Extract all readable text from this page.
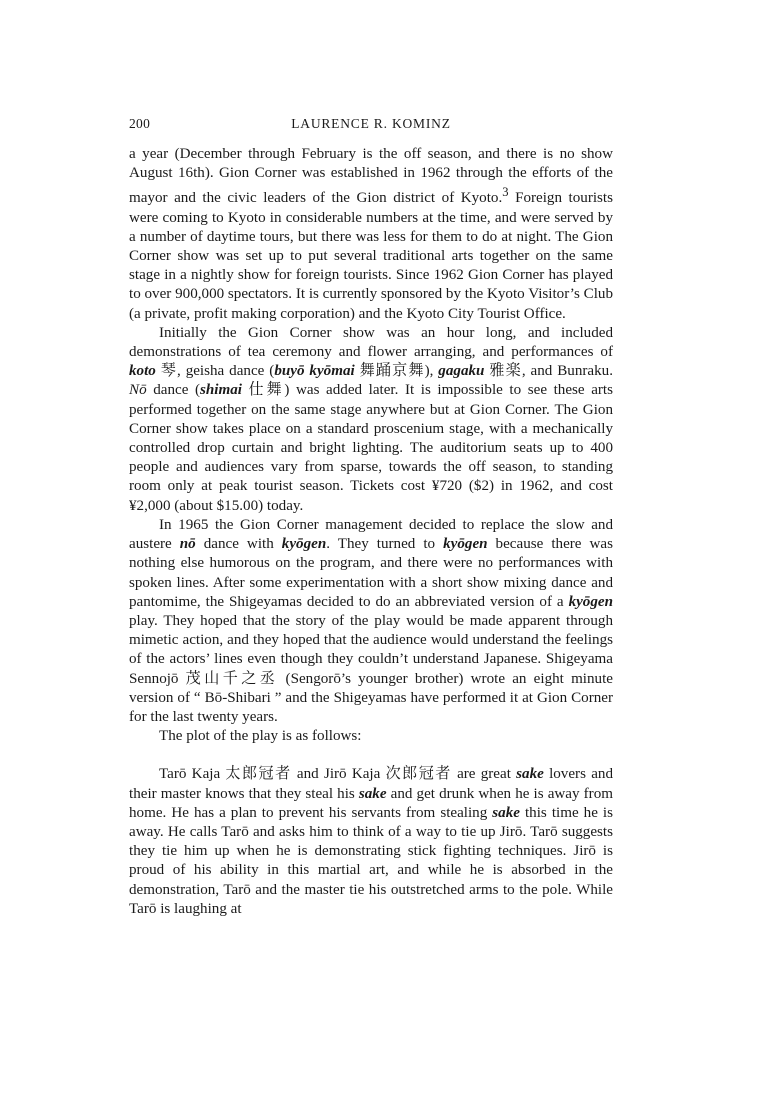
200	LAURENCE R. KOMINZ

a year (December through February is the off season, and there is no show August 16th). Gion Corner was established in 1962 through the efforts of the mayor and the civic leaders of the Gion district of Kyoto.$^3$ Foreign tourists were coming to Kyoto in considerable numbers at the time, and were served by a number of daytime tours, but there was less for them to do at night. The Gion Corner show was set up to put several traditional arts together on the same stage in a nightly show for foreign tourists. Since 1962 Gion Corner has played to over 900,000 spectators. It is currently sponsored by the Kyoto Visitor’s Club (a private, profit making corporation) and the Kyoto City Tourist Office.

Initially the Gion Corner show was an hour long, and included demonstrations of tea ceremony and flower arranging, and performances of koto 琴, geisha dance (buyō kyōmai 舞踊京舞), gagaku 雅楽, and Bunraku. Nō dance (shimai 仕舞) was added later. It is impossible to see these arts performed together on the same stage anywhere but at Gion Corner. The Gion Corner show takes place on a standard proscenium stage, with a mechanically controlled drop curtain and bright lighting. The auditorium seats up to 400 people and audiences vary from sparse, towards the off season, to standing room only at peak tourist season. Tickets cost ¥720 ($2) in 1962, and cost ¥2,000 (about $15.00) today.

In 1965 the Gion Corner management decided to replace the slow and austere nō dance with kyōgen. They turned to kyōgen because there was nothing else humorous on the program, and there were no performances with spoken lines. After some experimentation with a short show mixing dance and pantomime, the Shigeyamas decided to do an abbreviated version of a kyōgen play. They hoped that the story of the play would be made apparent through mimetic action, and they hoped that the audience would understand the feelings of the actors’ lines even though they couldn’t understand Japanese. Shigeyama Sennojō 茂山千之丞 (Sengorō’s younger brother) wrote an eight minute version of “ Bō-Shibari ” and the Shigeyamas have performed it at Gion Corner for the last twenty years.

The plot of the play is as follows:

Tarō Kaja 太郎冠者 and Jirō Kaja 次郎冠者 are great sake lovers and their master knows that they steal his sake and get drunk when he is away from home. He has a plan to prevent his servants from stealing sake this time he is away. He calls Tarō and asks him to think of a way to tie up Jirō. Tarō suggests they tie him up when he is demonstrating stick fighting techniques. Jirō is proud of his ability in this martial art, and while he is absorbed in the demonstration, Tarō and the master tie his outstretched arms to the pole. While Tarō is laughing at
